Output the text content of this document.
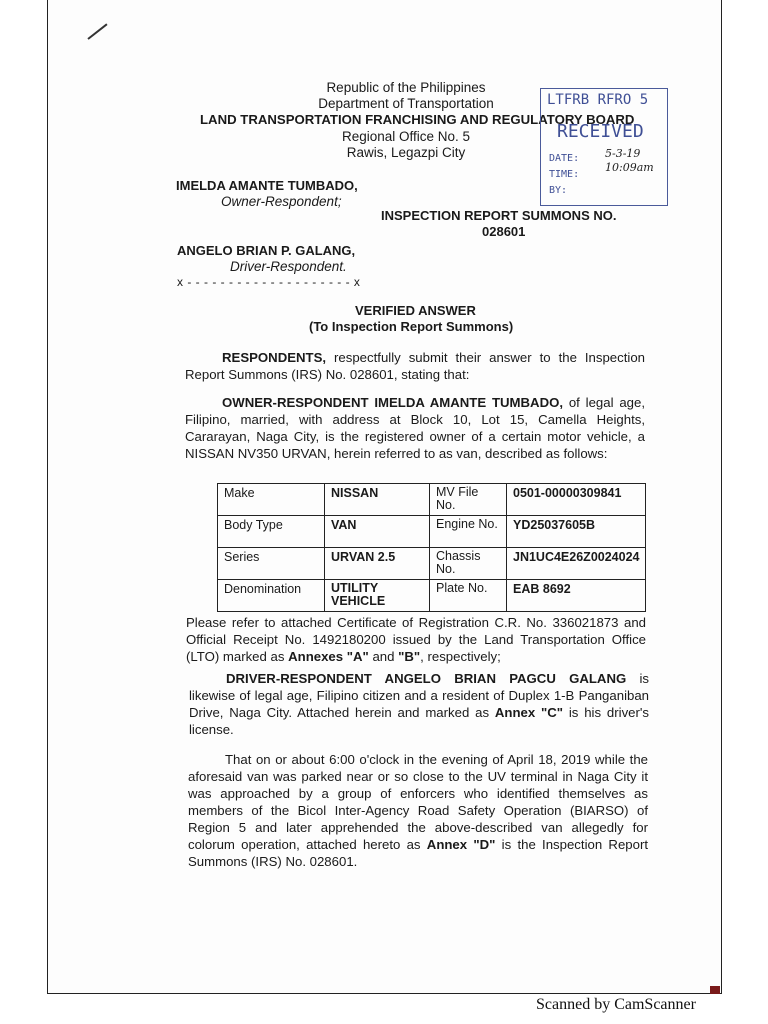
Republic of the Philippines
Department of Transportation
LAND TRANSPORTATION FRANCHISING AND REGULATORY BOARD
Regional Office No. 5
Rawis, Legazpi City
LTFRB RFRO 5
RECEIVED
DATE: 5-3-19
TIME:
10:09am
BY:
IMELDA AMANTE TUMBADO,
Owner-Respondent;
INSPECTION REPORT SUMMONS NO.
028601
ANGELO BRIAN P. GALANG,
Driver-Respondent.
x - - - - - - - - - - - - - - - - - - - - x
VERIFIED ANSWER
(To Inspection Report Summons)
RESPONDENTS, respectfully submit their answer to the Inspection Report Summons (IRS) No. 028601, stating that:
OWNER-RESPONDENT IMELDA AMANTE TUMBADO, of legal age, Filipino, married, with address at Block 10, Lot 15, Camella Heights, Cararayan, Naga City, is the registered owner of a certain motor vehicle, a NISSAN NV350 URVAN, herein referred to as van, described as follows:
Make	NISSAN	MV File No.	0501-00000309841
Body Type	VAN	Engine No.	YD25037605B
Series	URVAN 2.5	Chassis No.	JN1UC4E26Z0024024
Denomination	UTILITY VEHICLE	Plate No.	EAB 8692
Please refer to attached Certificate of Registration C.R. No. 336021873 and Official Receipt No. 1492180200 issued by the Land Transportation Office (LTO) marked as Annexes "A" and "B", respectively;
DRIVER-RESPONDENT ANGELO BRIAN PAGCU GALANG is likewise of legal age, Filipino citizen and a resident of Duplex 1-B Panganiban Drive, Naga City. Attached herein and marked as Annex "C" is his driver's license.
That on or about 6:00 o'clock in the evening of April 18, 2019 while the aforesaid van was parked near or so close to the UV terminal in Naga City it was approached by a group of enforcers who identified themselves as members of the Bicol Inter-Agency Road Safety Operation (BIARSO) of Region 5 and later apprehended the above-described van allegedly for colorum operation, attached hereto as Annex "D" is the Inspection Report Summons (IRS) No. 028601.
Scanned by CamScanner
